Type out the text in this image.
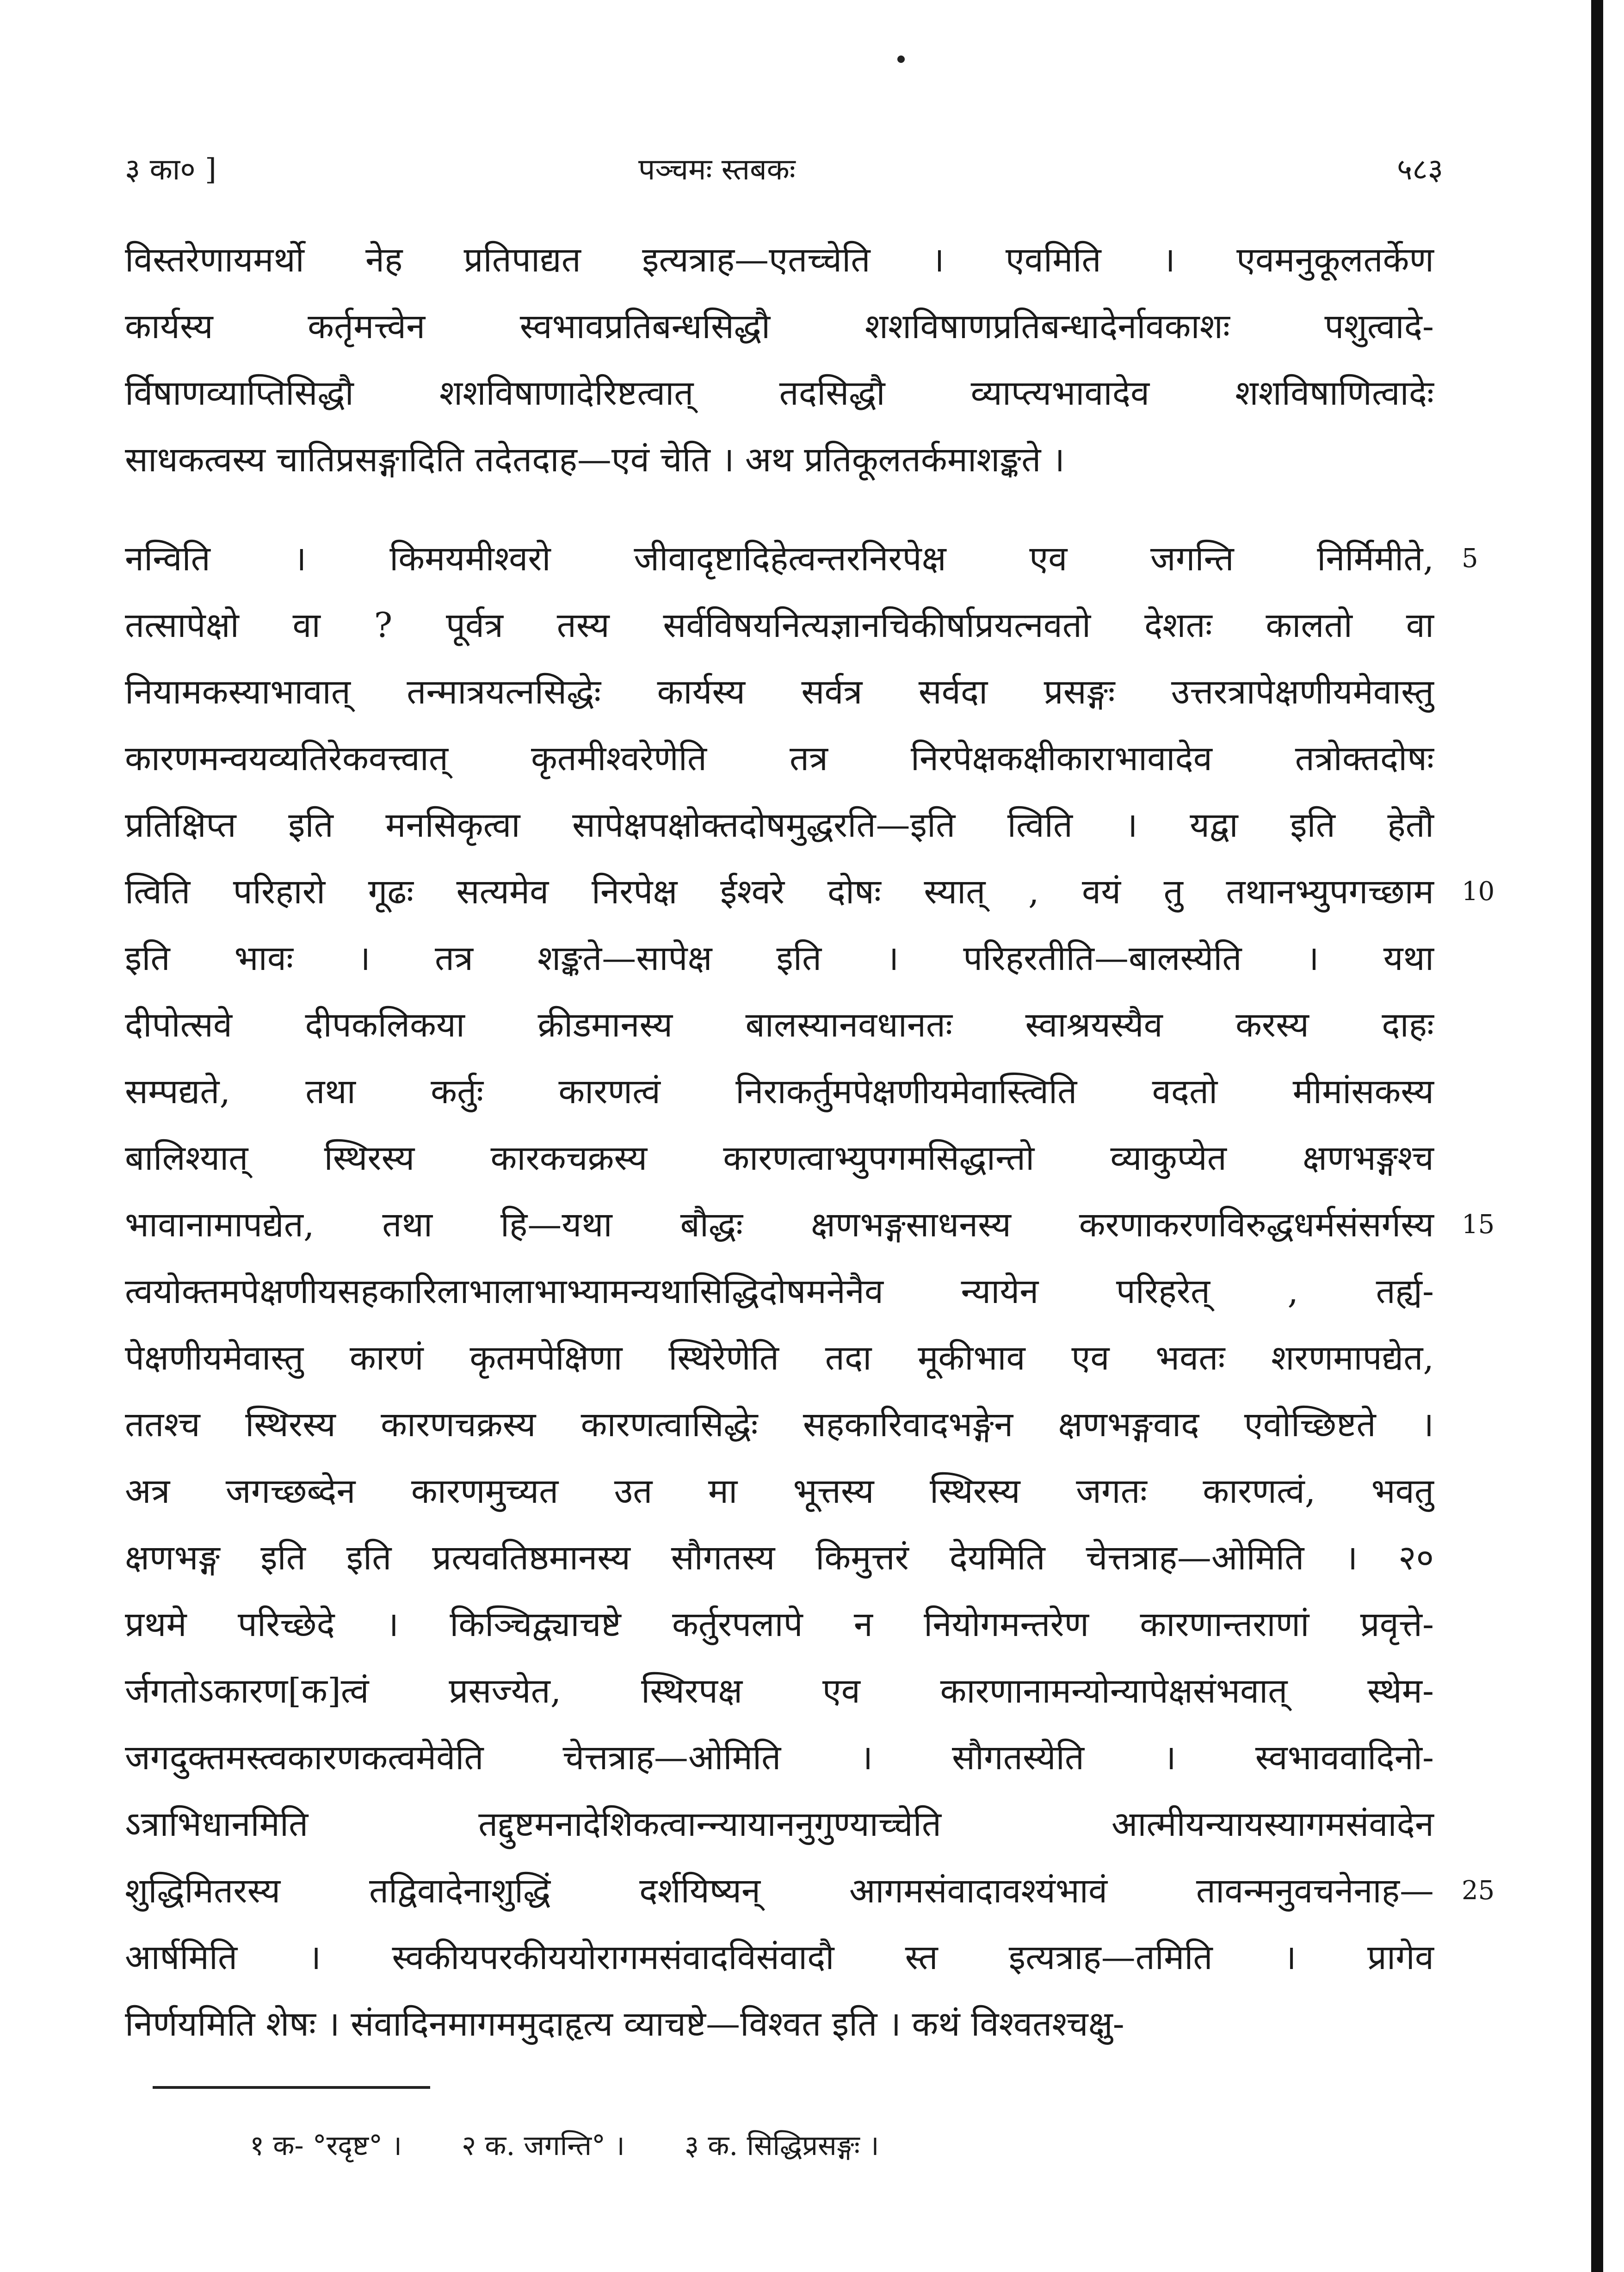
३ का० ]	पञ्चमः स्तबकः	५८३
विस्तरेणायमर्थो नेह प्रतिपाद्यत इत्यत्राह—एतच्चेति । एवमिति । एवमनुकूलतर्केण
कार्यस्य कर्तृमत्त्वेन स्वभावप्रतिबन्धसिद्धौ शशविषाणप्रतिबन्धादेर्नावकाशः पशुत्वादे-
र्विषाणव्याप्तिसिद्धौ शशविषाणादेरिष्टत्वात् तदसिद्धौ व्याप्त्यभावादेव शशविषाणित्वादेः
साधकत्वस्य चातिप्रसङ्गादिति तदेतदाह—एवं चेति । अथ प्रतिकूलतर्कमाशङ्कते ।
नन्विति । किमयमीश्वरो जीवादृष्टादिहेत्वन्तरनिरपेक्ष एव जगन्ति निर्मिमीते, 5
तत्सापेक्षो वा ? पूर्वत्र तस्य सर्वविषयनित्यज्ञानचिकीर्षाप्रयत्नवतो देशतः कालतो वा
नियामकस्याभावात् तन्मात्रयत्नसिद्धेः कार्यस्य सर्वत्र सर्वदा प्रसङ्गः उत्तरत्रापेक्षणीयमेवास्तु
कारणमन्वयव्यतिरेकवत्त्वात् कृतमीश्वरेणेति तत्र निरपेक्षकक्षीकाराभावादेव तत्रोक्तदोषः
प्रतिक्षिप्त इति मनसिकृत्वा सापेक्षपक्षोक्तदोषमुद्धरति—इति त्विति । यद्वा इति हेतौ
त्विति परिहारो गूढः सत्यमेव निरपेक्ष ईश्वरे दोषः स्यात् , वयं तु तथानभ्युपगच्छाम 10
इति भावः । तत्र शङ्कते—सापेक्ष इति । परिहरतीति—बालस्येति । यथा
दीपोत्सवे दीपकलिकया क्रीडमानस्य बालस्यानवधानतः स्वाश्रयस्यैव करस्य दाहः
सम्पद्यते, तथा कर्तुः कारणत्वं निराकर्तुमपेक्षणीयमेवास्त्विति वदतो मीमांसकस्य
बालिश्यात् स्थिरस्य कारकचक्रस्य कारणत्वाभ्युपगमसिद्धान्तो व्याकुप्येत क्षणभङ्गश्च
भावानामापद्येत, तथा हि—यथा बौद्धः क्षणभङ्गसाधनस्य करणाकरणविरुद्धधर्मसंसर्गस्य 15
त्वयोक्तमपेक्षणीयसहकारिलाभालाभाभ्यामन्यथासिद्धिदोषमनेनैव न्यायेन परिहरेत् , तर्ह्य-
पेक्षणीयमेवास्तु कारणं कृतमपेक्षिणा स्थिरेणेति तदा मूकीभाव एव भवतः शरणमापद्येत,
ततश्च स्थिरस्य कारणचक्रस्य कारणत्वासिद्धेः सहकारिवादभङ्गेन क्षणभङ्गवाद एवोच्छिष्टते ।
अत्र जगच्छब्देन कारणमुच्यत उत मा भूत्तस्य स्थिरस्य जगतः कारणत्वं, भवतु
क्षणभङ्ग इति इति प्रत्यवतिष्ठमानस्य सौगतस्य किमुत्तरं देयमिति चेत्तत्राह—ओमिति । २०
प्रथमे परिच्छेदे । किञ्चिद्व्याचष्टे कर्तुरपलापे न नियोगमन्तरेण कारणान्तराणां प्रवृत्ते-
र्जगतोऽकारण[क]त्वं प्रसज्येत, स्थिरपक्ष एव कारणानामन्योन्यापेक्षसंभवात् स्थेम-
जगदुक्तमस्त्वकारणकत्वमेवेति चेत्तत्राह—ओमिति । सौगतस्येति । स्वभाववादिनो-
ऽत्राभिधानमिति तद्दुष्टमनादेशिकत्वान्न्यायाननुगुण्याच्चेति आत्मीयन्यायस्यागमसंवादेन
शुद्धिमितरस्य तद्विवादेनाशुद्धिं दर्शयिष्यन् आगमसंवादावश्यंभावं तावन्मनुवचनेनाह— 25
आर्षमिति । स्वकीयपरकीययोरागमसंवादविसंवादौ स्त इत्यत्राह—तमिति । प्रागेव
निर्णयमिति शेषः । संवादिनमागममुदाहृत्य व्याचष्टे—विश्वत इति । कथं विश्वतश्चक्षु-
१ क- °रदृष्ट° । २ क. जगन्ति° । ३ क. सिद्धिप्रसङ्गः ।
